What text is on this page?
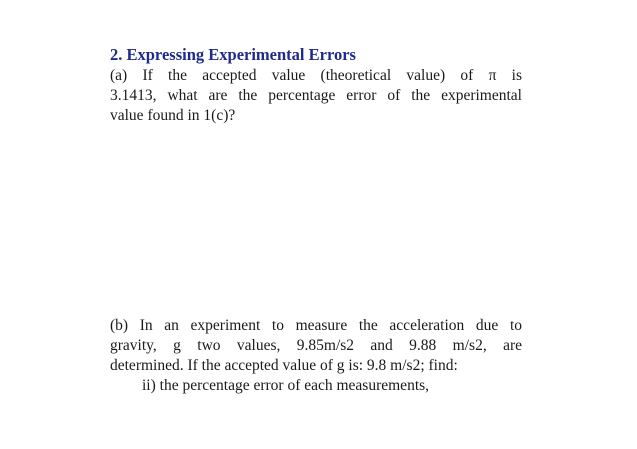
2. Expressing Experimental Errors
(a) If the accepted value (theoretical value) of π is
3.1413, what are the percentage error of the experimental
value found in 1(c)?
(b) In an experiment to measure the acceleration due to
gravity, g two values, 9.85m/s2 and 9.88 m/s2, are
determined. If the accepted value of g is: 9.8 m/s2; find:
ii) the percentage error of each measurements,
